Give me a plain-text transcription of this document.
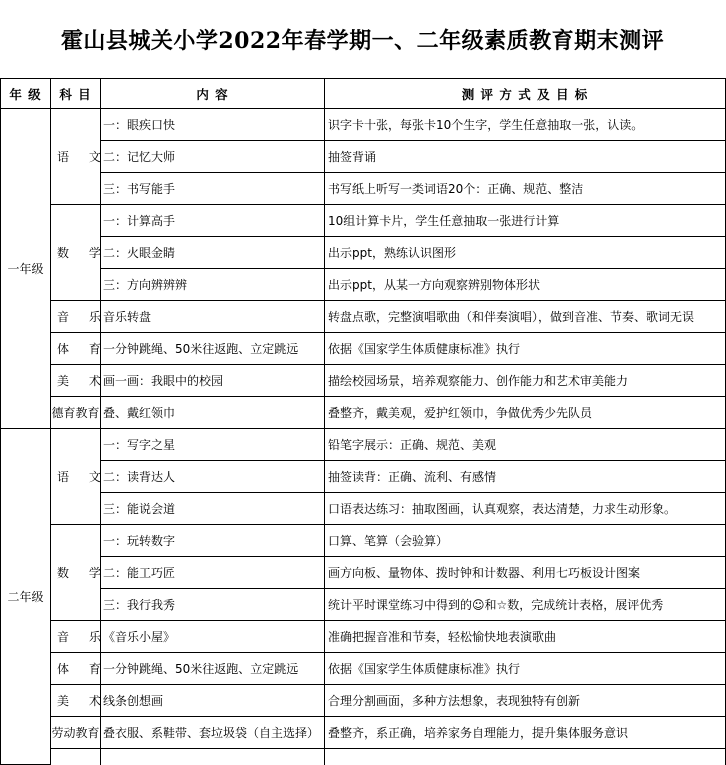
霍山县城关小学2022年春学期一、二年级素质教育期末测评
年 级	科 目	内 容	测 评 方 式 及 目 标
一年级	语 文	一：眼疾口快	识字卡十张，每张卡10个生字，学生任意抽取一张，认读。
		二：记忆大师	抽签背诵
		三：书写能手	书写纸上听写一类词语20个：正确、规范、整洁
	数 学	一：计算高手	10组计算卡片，学生任意抽取一张进行计算
		二：火眼金睛	出示ppt，熟练认识图形
		三：方向辨辨辨	出示ppt，从某一方向观察辨别物体形状
	音 乐	音乐转盘	转盘点歌，完整演唱歌曲（和伴奏演唱），做到音准、节奏、歌词无误
	体 育	一分钟跳绳、50米往返跑、立定跳远	依据《国家学生体质健康标准》执行
	美 术	画一画：我眼中的校园	描绘校园场景，培养观察能力、创作能力和艺术审美能力
	德育教育	叠、戴红领巾	叠整齐，戴美观，爱护红领巾，争做优秀少先队员
二年级	语 文	一：写字之星	铅笔字展示：正确、规范、美观
		二：读背达人	抽签读背：正确、流利、有感情
		三：能说会道	口语表达练习：抽取图画，认真观察，表达清楚，力求生动形象。
	数 学	一：玩转数字	口算、笔算（会验算）
		二：能工巧匠	画方向板、量物体、拨时钟和计数器、利用七巧板设计图案
		三：我行我秀	统计平时课堂练习中得到的☺和☆数，完成统计表格，展评优秀
	音 乐	《音乐小屋》	准确把握音准和节奏，轻松愉快地表演歌曲
	体 育	一分钟跳绳、50米往返跑、立定跳远	依据《国家学生体质健康标准》执行
	美 术	线条创想画	合理分割画面，多种方法想象，表现独特有创新
	劳动教育	叠衣服、系鞋带、套垃圾袋（自主选择）	叠整齐，系正确，培养家务自理能力，提升集体服务意识
